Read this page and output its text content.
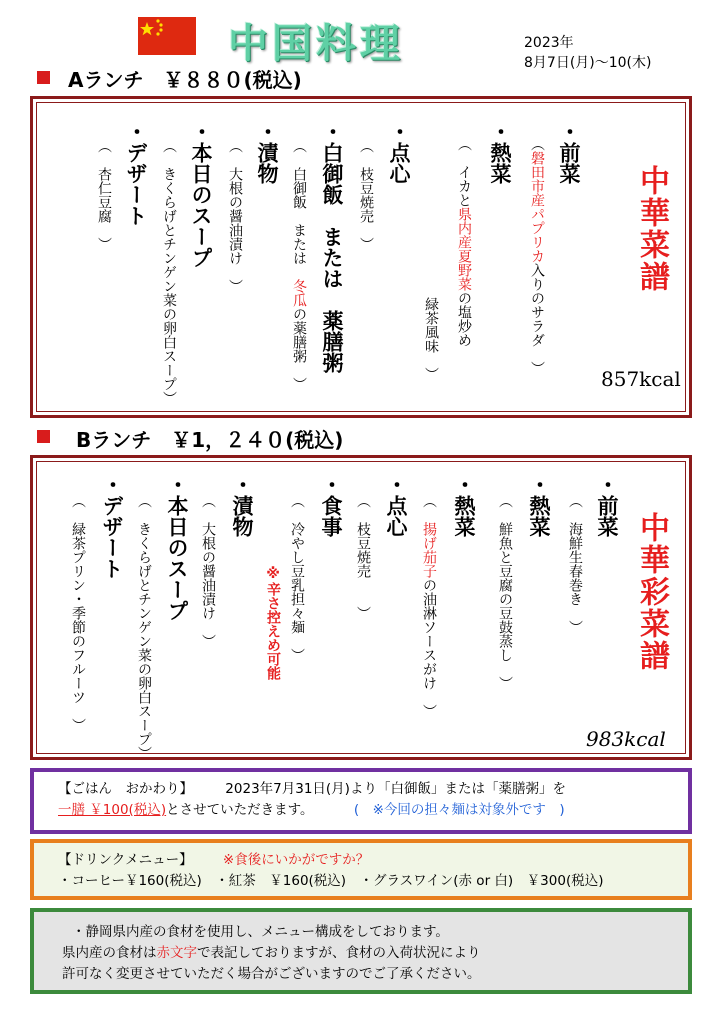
中国料理	2023年
8月7日(月)～10(木)
Aランチ　￥８８０(税込)
中華菜譜
857kcal
・前菜
（磐田市産パプリカ入りのサラダ　）
・熱菜
（　イカと県内産夏野菜の塩炒め
緑茶風味　）
・点心
（　枝豆焼売　）
・白御飯　または　薬膳粥
（　白御飯　または　冬瓜の薬膳粥　）
・漬物
（　大根の醤油漬け　）
・本日のスープ
（　きくらげとチンゲン菜の卵白スープ）
・デザート
（　杏仁豆腐　）
Bランチ　￥1，２４０(税込)
中華彩菜譜
983kcal
・前菜
（　海鮮生春巻き　）
・熱菜
（　鮮魚と豆腐の豆鼓蒸し　）
・熱菜
（　揚げ茄子の油淋ソースがけ　）
・点心
（　枝豆焼売　　）
・食事
（　冷やし豆乳担々麺　）
※辛さ控えめ可能
・漬物
（　大根の醤油漬け　）
・本日のスープ
（　きくらげとチンゲン菜の卵白スープ）
・デザート
（　緑茶プリン・季節のフルーツ　）
【ごはん　おかわり】 2023年7月31日(月)より「白御飯」または「薬膳粥」を
一膳 ￥100(税込)とさせていただきます。	(　※今回の担々麺は対象外です　)
【ドリンクメニュー】 ※食後にいかがですか？
・コーヒー￥160(税込)　・紅茶　￥160(税込)　・グラスワイン(赤 or 白)　￥300(税込)
・静岡県内産の食材を使用し、メニュー構成をしております。
県内産の食材は赤文字で表記しておりますが、食材の入荷状況により
許可なく変更させていただく場合がございますのでご了承ください。
